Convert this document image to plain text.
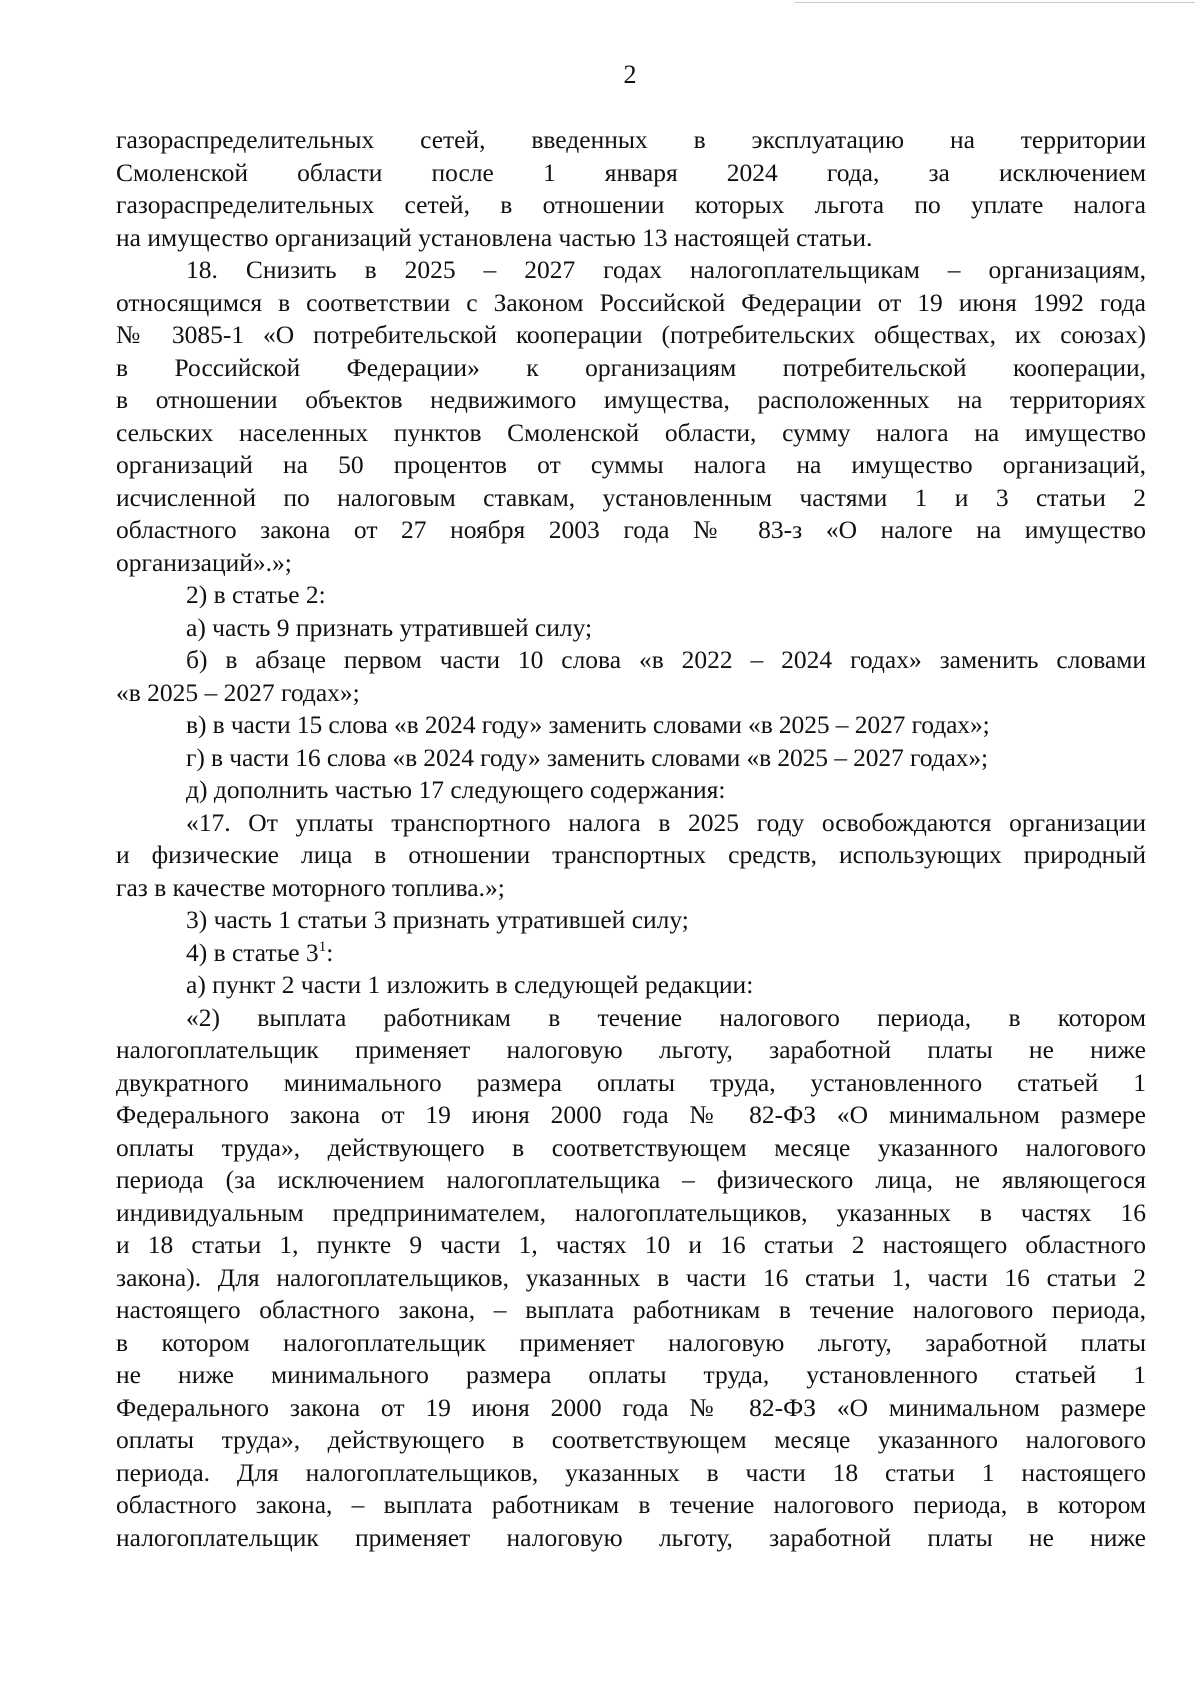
2

газораспределительных сетей, введенных в эксплуатацию на территории
Смоленской области после 1 января 2024 года, за исключением
газораспределительных сетей, в отношении которых льгота по уплате налога

на имущество организаций установлена частью 13 настоящей статьи.

18. Снизить в 2025 – 2027 годах налогоплательщикам – организациям,

относящимся в соответствии с Законом Российской Федерации от 19 июня 1992 года
№ 3085-1 «О потребительской кооперации (потребительских обществах, их союзах)
в Российской Федерации» к организациям потребительской кооперации,
в отношении объектов недвижимого имущества, расположенных на территориях
сельских населенных пунктов Смоленской области, сумму налога на имущество
организаций на 50 процентов от суммы налога на имущество организаций,
исчисленной по налоговым ставкам, установленным частями 1 и 3 статьи 2
областного закона от 27 ноября 2003 года № 83-з «О налоге на имущество

организаций».»;

2) в статье 2:

а) часть 9 признать утратившей силу;

б) в абзаце первом части 10 слова «в 2022 – 2024 годах» заменить словами

«в 2025 – 2027 годах»;

в) в части 15 слова «в 2024 году» заменить словами «в 2025 – 2027 годах»;

г) в части 16 слова «в 2024 году» заменить словами «в 2025 – 2027 годах»;

д) дополнить частью 17 следующего содержания:

«17. От уплаты транспортного налога в 2025 году освобождаются организации

и физические лица в отношении транспортных средств, использующих природный

газ в качестве моторного топлива.»;

3) часть 1 статьи 3 признать утратившей силу;

4) в статье $3^1$:

а) пункт 2 части 1 изложить в следующей редакции:

«2) выплата работникам в течение налогового периода, в котором

налогоплательщик применяет налоговую льготу, заработной платы не ниже
двукратного минимального размера оплаты труда, установленного статьей 1
Федерального закона от 19 июня 2000 года № 82-ФЗ «О минимальном размере
оплаты труда», действующего в соответствующем месяце указанного налогового
периода (за исключением налогоплательщика – физического лица, не являющегося
индивидуальным предпринимателем, налогоплательщиков, указанных в частях 16
и 18 статьи 1, пункте 9 части 1, частях 10 и 16 статьи 2 настоящего областного
закона). Для налогоплательщиков, указанных в части 16 статьи 1, части 16 статьи 2
настоящего областного закона, – выплата работникам в течение налогового периода,
в котором налогоплательщик применяет налоговую льготу, заработной платы
не ниже минимального размера оплаты труда, установленного статьей 1
Федерального закона от 19 июня 2000 года № 82-ФЗ «О минимальном размере
оплаты труда», действующего в соответствующем месяце указанного налогового
периода. Для налогоплательщиков, указанных в части 18 статьи 1 настоящего
областного закона, – выплата работникам в течение налогового периода, в котором
налогоплательщик применяет налоговую льготу, заработной платы не ниже
